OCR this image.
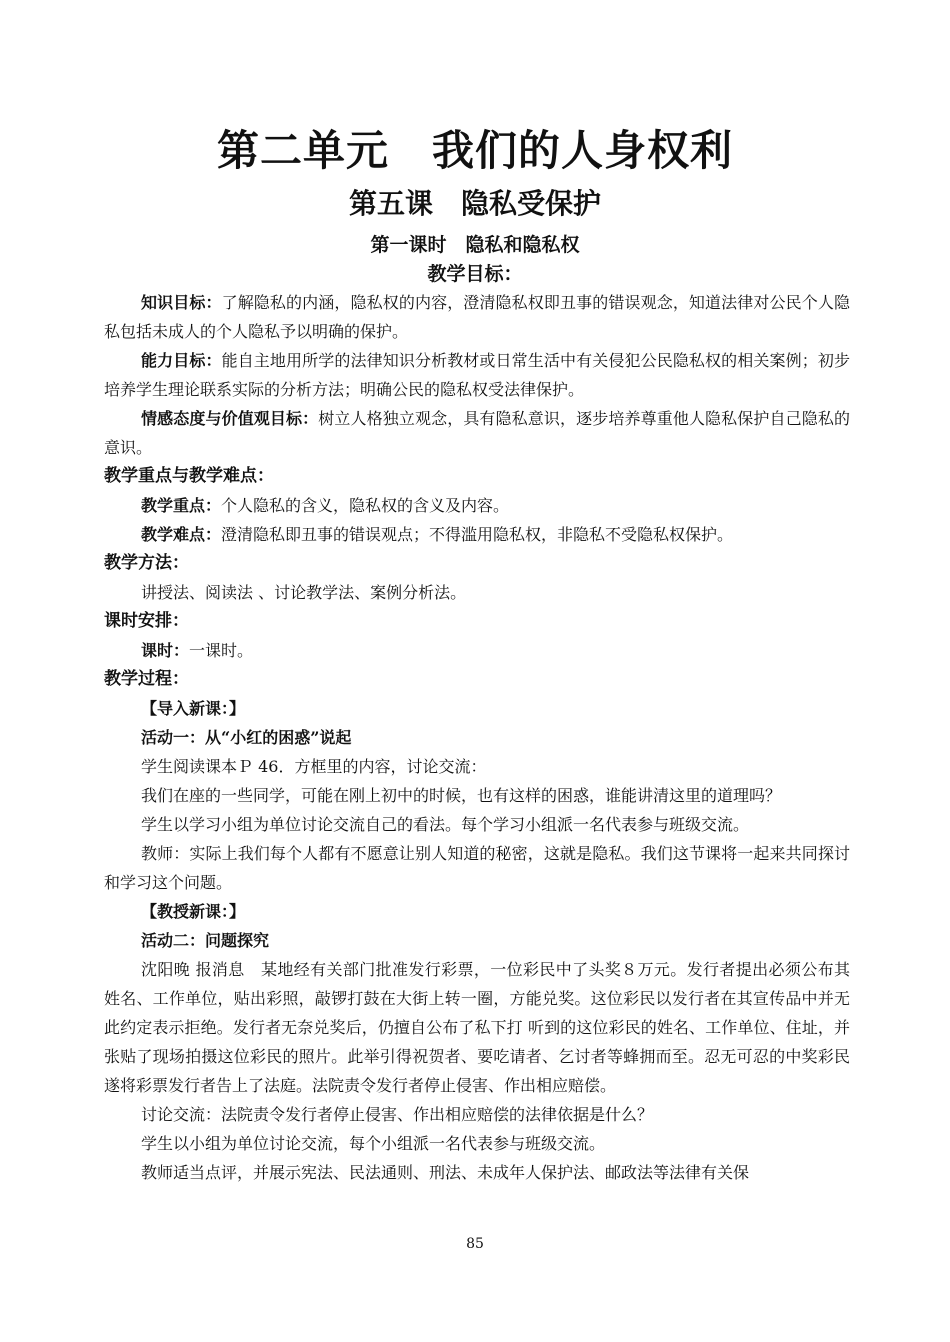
第二单元　我们的人身权利
第五课　隐私受保护
第一课时　隐私和隐私权
教学目标：

知识目标：了解隐私的内涵，隐私权的内容，澄清隐私权即丑事的错误观念，知道法律对公民个人隐私包括未成人的个人隐私予以明确的保护。

能力目标：能自主地用所学的法律知识分析教材或日常生活中有关侵犯公民隐私权的相关案例；初步培养学生理论联系实际的分析方法；明确公民的隐私权受法律保护。

情感态度与价值观目标：树立人格独立观念，具有隐私意识，逐步培养尊重他人隐私保护自己隐私的意识。

教学重点与教学难点：

教学重点：个人隐私的含义，隐私权的含义及内容。

教学难点：澄清隐私即丑事的错误观点；不得滥用隐私权，非隐私不受隐私权保护。

教学方法：

讲授法、阅读法 、讨论教学法、案例分析法。

课时安排：

课时：一课时。

教学过程：

【导入新课：】

活动一：从“小红的困惑”说起

学生阅读课本Ｐ 46．方框里的内容，讨论交流：

我们在座的一些同学，可能在刚上初中的时候，也有这样的困惑，谁能讲清这里的道理吗？

学生以学习小组为单位讨论交流自己的看法。每个学习小组派一名代表参与班级交流。

教师：实际上我们每个人都有不愿意让别人知道的秘密，这就是隐私。我们这节课将一起来共同探讨和学习这个问题。

【教授新课：】

活动二：问题探究

沈阳晚 报消息　某地经有关部门批准发行彩票，一位彩民中了头奖８万元。发行者提出必须公布其姓名、工作单位，贴出彩照，敲锣打鼓在大街上转一圈，方能兑奖。这位彩民以发行者在其宣传品中并无此约定表示拒绝。发行者无奈兑奖后，仍擅自公布了私下打 听到的这位彩民的姓名、工作单位、住址，并张贴了现场拍摄这位彩民的照片。此举引得祝贺者、要吃请者、乞讨者等蜂拥而至。忍无可忍的中奖彩民遂将彩票发行者告上了法庭。法院责令发行者停止侵害、作出相应赔偿。

讨论交流：法院责令发行者停止侵害、作出相应赔偿的法律依据是什么？

学生以小组为单位讨论交流，每个小组派一名代表参与班级交流。

教师适当点评，并展示宪法、民法通则、刑法、未成年人保护法、邮政法等法律有关保

85
